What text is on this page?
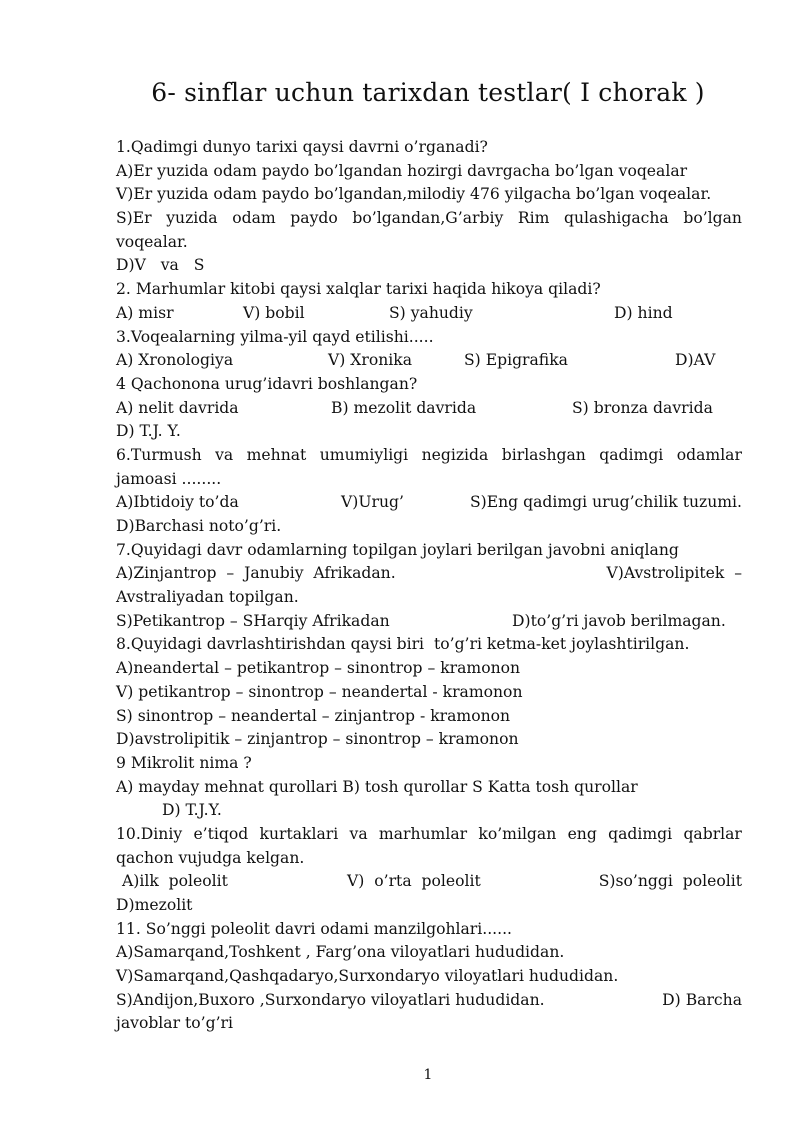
6- sinflar uchun tarixdan testlar( I chorak )
1.Qadimgi dunyo tarixi qaysi davrni o’rganadi?
A)Er yuzida odam paydo bo’lgandan hozirgi davrgacha bo’lgan voqealar
V)Er yuzida odam paydo bo’lgandan,milodiy 476 yilgacha bo’lgan voqealar.
S)Er yuzida odam paydo bo’lgandan,G’arbiy Rim qulashigacha bo’lgan
voqealar.
D)V   va   S
2. Marhumlar kitobi qaysi xalqlar tarixi haqida hikoya qiladi?
A) misr	V) bobil	S) yahudiy	D) hind
3.Voqealarning yilma-yil qayd etilishi.....
A) Xronologiya	V) Xronika	S) Epigrafika	D)AV
4 Qachonona urug’idavri boshlangan?
A) nelit davrida	B) mezolit davrida	S) bronza davrida
D) T.J. Y.
6.Turmush va mehnat umumiyligi negizida birlashgan qadimgi odamlar
jamoasi ........
A)Ibtidoiy to’da	V)Urug’	S)Eng qadimgi urug’chilik tuzumi.
D)Barchasi noto’g’ri.
7.Quyidagi davr odamlarning topilgan joylari berilgan javobni aniqlang
A)Zinjantrop  –  Janubiy  Afrikadan.	V)Avstrolipitek  –
Avstraliyadan topilgan.
S)Petikantrop – SHarqiy Afrikadan	D)to’g’ri javob berilmagan.
8.Quyidagi davrlashtirishdan qaysi biri  to’g’ri ketma-ket joylashtirilgan.
A)neandertal – petikantrop – sinontrop – kramonon
V) petikantrop – sinontrop – neandertal - kramonon
S) sinontrop – neandertal – zinjantrop - kramonon
D)avstrolipitik – zinjantrop – sinontrop – kramonon
9 Mikrolit nima ?
A) mayday mehnat qurollari B) tosh qurollar S Katta tosh qurollar
D) T.J.Y.
10.Diniy e’tiqod kurtaklari va marhumlar ko’milgan eng qadimgi qabrlar
qachon vujudga kelgan.
A)ilk  poleolit	V)  o’rta  poleolit	S)so’nggi  poleolit
D)mezolit
11. So’nggi poleolit davri odami manzilgohlari......
A)Samarqand,Toshkent , Farg’ona viloyatlari hududidan.
V)Samarqand,Qashqadaryo,Surxondaryo viloyatlari hududidan.
S)Andijon,Buxoro ,Surxondaryo viloyatlari hududidan.	D) Barcha
javoblar to’g’ri
1
